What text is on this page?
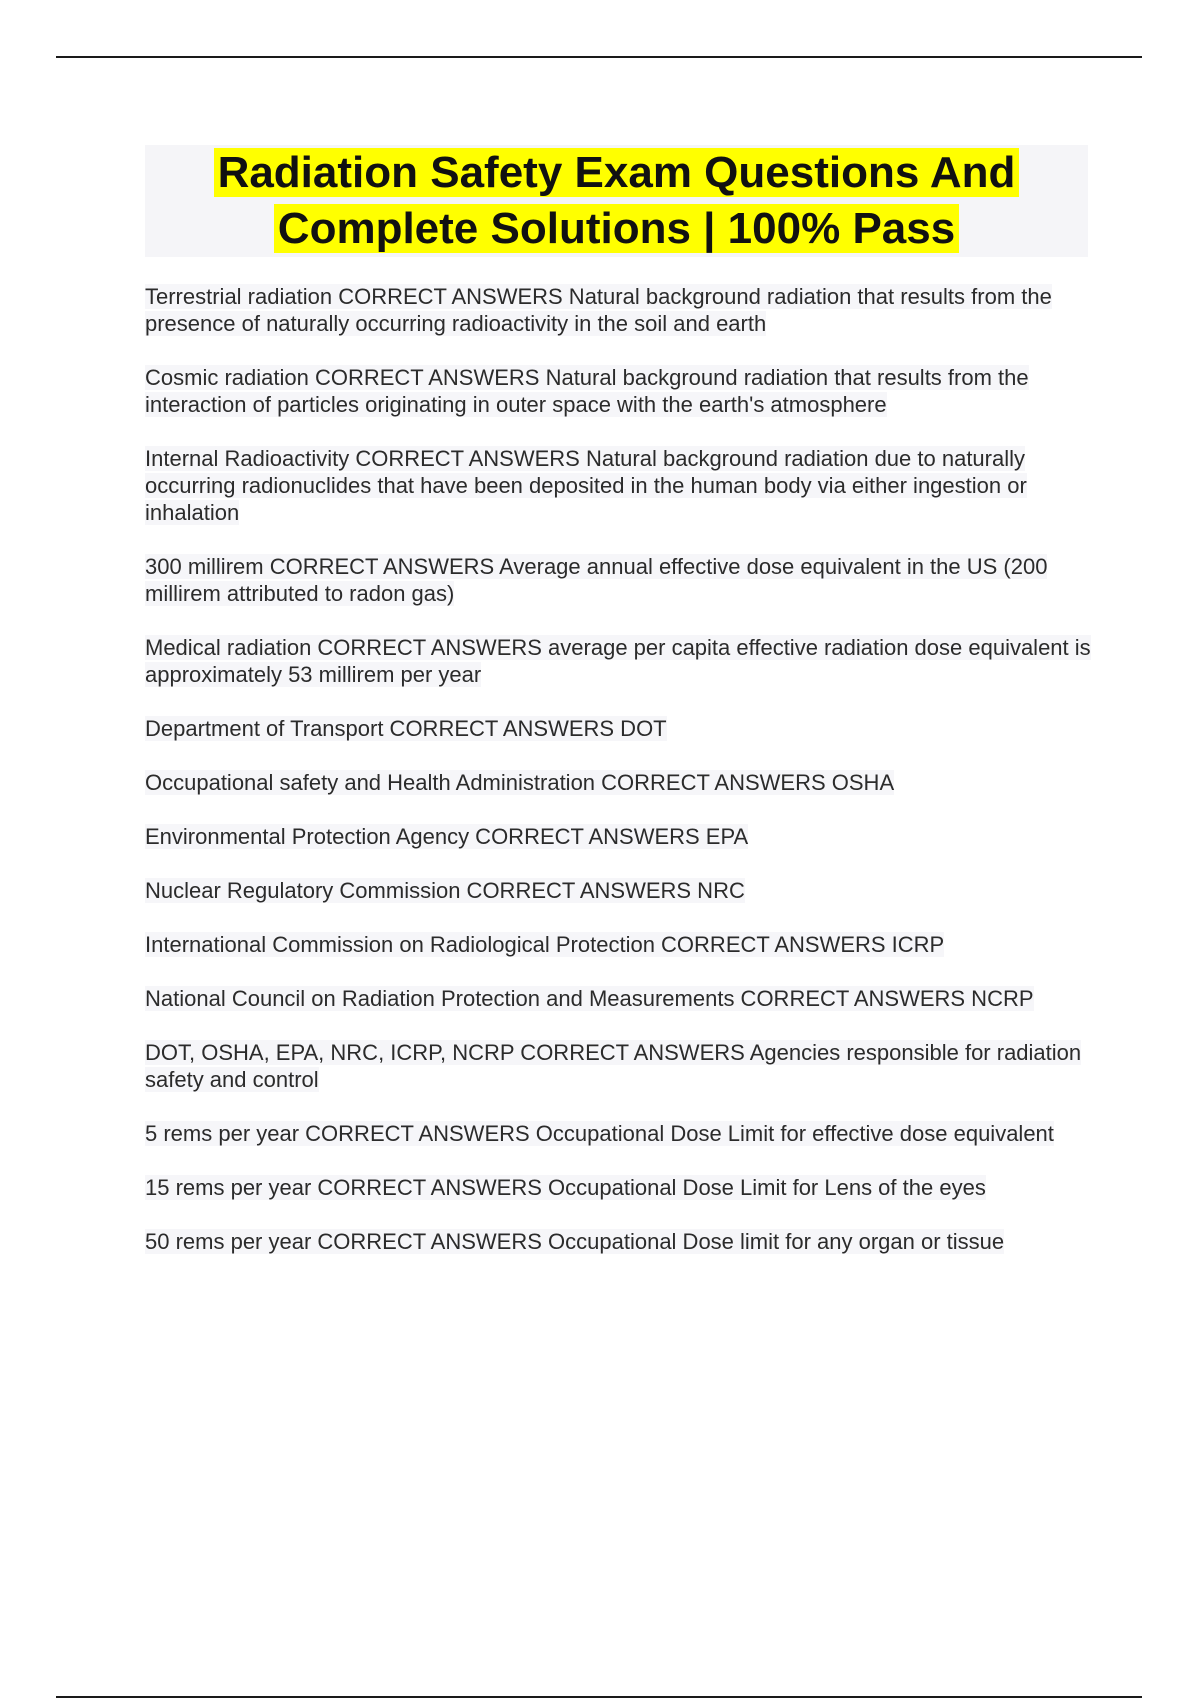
Radiation Safety Exam Questions And Complete Solutions | 100% Pass
Terrestrial radiation CORRECT ANSWERS Natural background radiation that results from the presence of naturally occurring radioactivity in the soil and earth
Cosmic radiation CORRECT ANSWERS Natural background radiation that results from the interaction of particles originating in outer space with the earth's atmosphere
Internal Radioactivity CORRECT ANSWERS Natural background radiation due to naturally occurring radionuclides that have been deposited in the human body via either ingestion or inhalation
300 millirem CORRECT ANSWERS Average annual effective dose equivalent in the US (200 millirem attributed to radon gas)
Medical radiation CORRECT ANSWERS average per capita effective radiation dose equivalent is approximately 53 millirem per year
Department of Transport CORRECT ANSWERS DOT
Occupational safety and Health Administration CORRECT ANSWERS OSHA
Environmental Protection Agency CORRECT ANSWERS EPA
Nuclear Regulatory Commission CORRECT ANSWERS NRC
International Commission on Radiological Protection CORRECT ANSWERS ICRP
National Council on Radiation Protection and Measurements CORRECT ANSWERS NCRP
DOT, OSHA, EPA, NRC, ICRP, NCRP CORRECT ANSWERS Agencies responsible for radiation safety and control
5 rems per year CORRECT ANSWERS Occupational Dose Limit for effective dose equivalent
15 rems per year CORRECT ANSWERS Occupational Dose Limit for Lens of the eyes
50 rems per year CORRECT ANSWERS Occupational Dose limit for any organ or tissue
